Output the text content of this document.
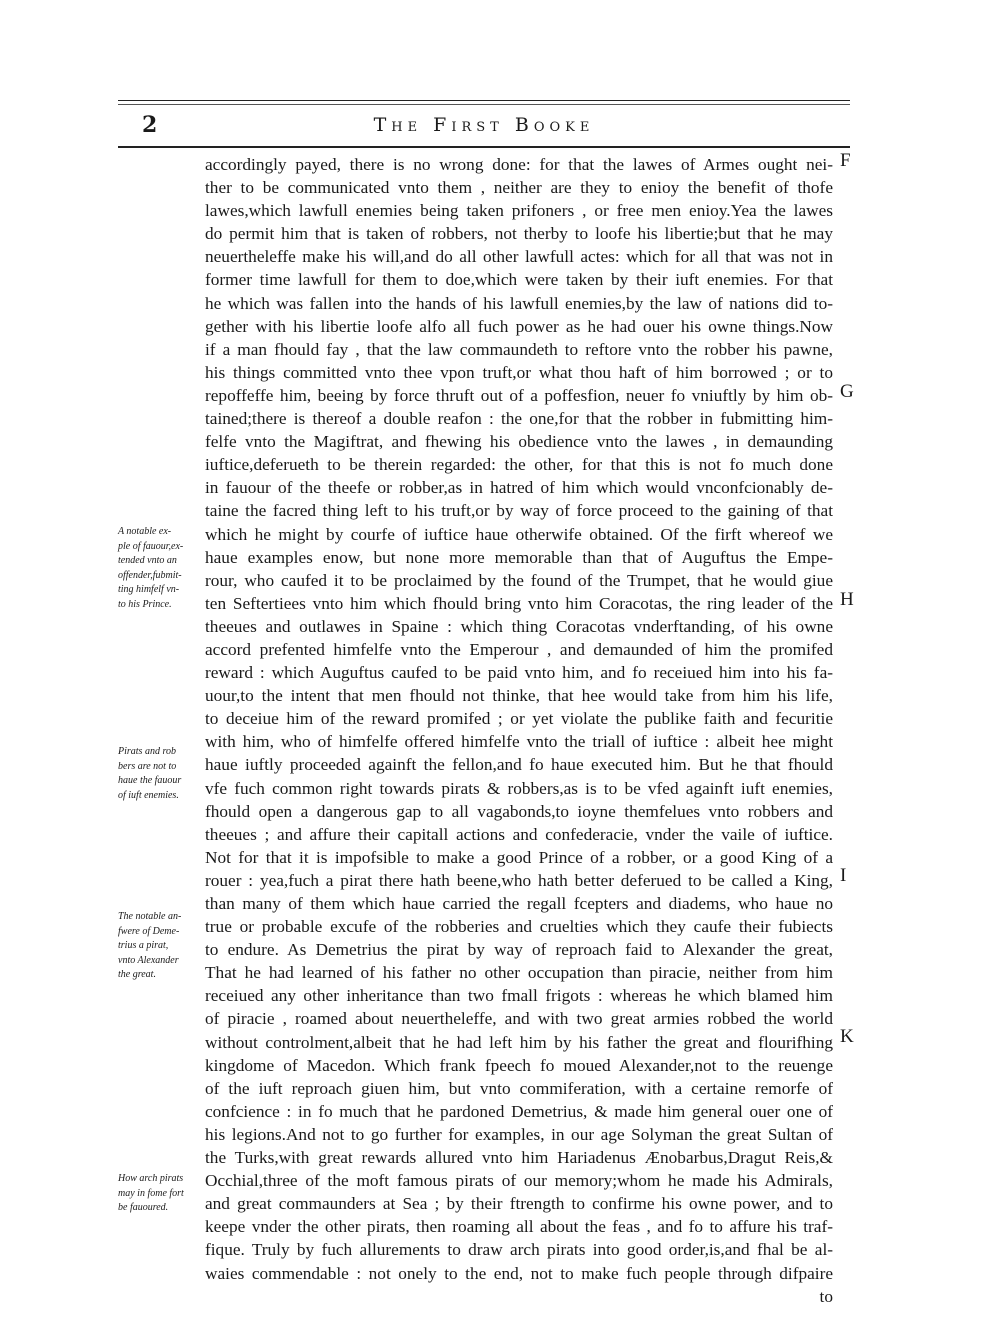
2	The First Booke
accordingly payed, there is no wrong done: for that the lawes of Armes ought nei-
ther to be communicated vnto them , neither are they to enioy the benefit of thofe
lawes,which lawfull enemies being taken prifoners , or free men enioy.Yea the lawes
do permit him that is taken of robbers, not therby to loofe his libertie;but that he may
neuertheleffe make his will,and do all other lawfull actes: which for all that was not in
former time lawfull for them to doe,which were taken by their iuft enemies. For that
he which was fallen into the hands of his lawfull enemies,by the law of nations did to-
gether with his libertie loofe alfo all fuch power as he had ouer his owne things.Now
if a man fhould fay , that the law commaundeth to reftore vnto the robber his pawne,
his things committed vnto thee vpon truft,or what thou haft of him borrowed ; or to
repoffeffe him, beeing by force thruft out of a poffesfion, neuer fo vniuftly by him ob-
tained;there is thereof a double reafon : the one,for that the robber in fubmitting him-
felfe vnto the Magiftrat, and fhewing his obedience vnto the lawes , in demaunding
iuftice,deferueth to be therein regarded: the other, for that this is not fo much done
in fauour of the theefe or robber,as in hatred of him which would vnconfcionably de-
taine the facred thing left to his truft,or by way of force proceed to the gaining of that
which he might by courfe of iuftice haue otherwife obtained. Of the firft whereof we
haue examples enow, but none more memorable than that of Auguftus the Empe-
rour, who caufed it to be proclaimed by the found of the Trumpet, that he would giue
ten Seftertiees vnto him which fhould bring vnto him Coracotas, the ring leader of the
theeues and outlawes in Spaine : which thing Coracotas vnderftanding, of his owne
accord prefented himfelfe vnto the Emperour , and demaunded of him the promifed
reward : which Auguftus caufed to be paid vnto him, and fo receiued him into his fa-
uour,to the intent that men fhould not thinke, that hee would take from him his life,
to deceiue him of the reward promifed ; or yet violate the publike faith and fecuritie
with him, who of himfelfe offered himfelfe vnto the triall of iuftice : albeit hee might
haue iuftly proceeded againft the fellon,and fo haue executed him. But he that fhould
vfe fuch common right towards pirats & robbers,as is to be vfed againft iuft enemies,
fhould open a dangerous gap to all vagabonds,to ioyne themfelues vnto robbers and
theeues ; and affure their capitall actions and confederacie, vnder the vaile of iuftice.
Not for that it is impofsible to make a good Prince of a robber, or a good King of a
rouer : yea,fuch a pirat there hath beene,who hath better deferued to be called a King,
than many of them which haue carried the regall fcepters and diadems, who haue no
true or probable excufe of the robberies and cruelties which they caufe their fubiects
to endure. As Demetrius the pirat by way of reproach faid to Alexander the great,
That he had learned of his father no other occupation than piracie, neither from him
receiued any other inheritance than two fmall frigots : whereas he which blamed him
of piracie , roamed about neuertheleffe, and with two great armies robbed the world
without controlment,albeit that he had left him by his father the great and flourifhing
kingdome of Macedon. Which frank fpeech fo moued Alexander,not to the reuenge
of the iuft reproach giuen him, but vnto commiferation, with a certaine remorfe of
confcience : in fo much that he pardoned Demetrius, & made him general ouer one of
his legions.And not to go further for examples, in our age Solyman the great Sultan of
the Turks,with great rewards allured vnto him Hariadenus Ænobarbus,Dragut Reis,&
Occhial,three of the moft famous pirats of our memory;whom he made his Admirals,
and great commaunders at Sea ; by their ftrength to confirme his owne power, and to
keepe vnder the other pirats, then roaming all about the feas , and fo to affure his traf-
fique. Truly by fuch allurements to draw arch pirats into good order,is,and fhal be al-
waies commendable : not onely to the end, not to make fuch people through difpaire
to
F
G
H
I
K
A notable ex-
ple of fauour,ex-
tended vnto an
offender,fubmit-
ting himfelf vn-
to his Prince.
Pirats and rob
bers are not to
haue the fauour
of iuft enemies.
The notable an-
fwere of Deme-
trius a pirat,
vnto Alexander
the great.
How arch pirats
may in fome fort
be fauoured.
